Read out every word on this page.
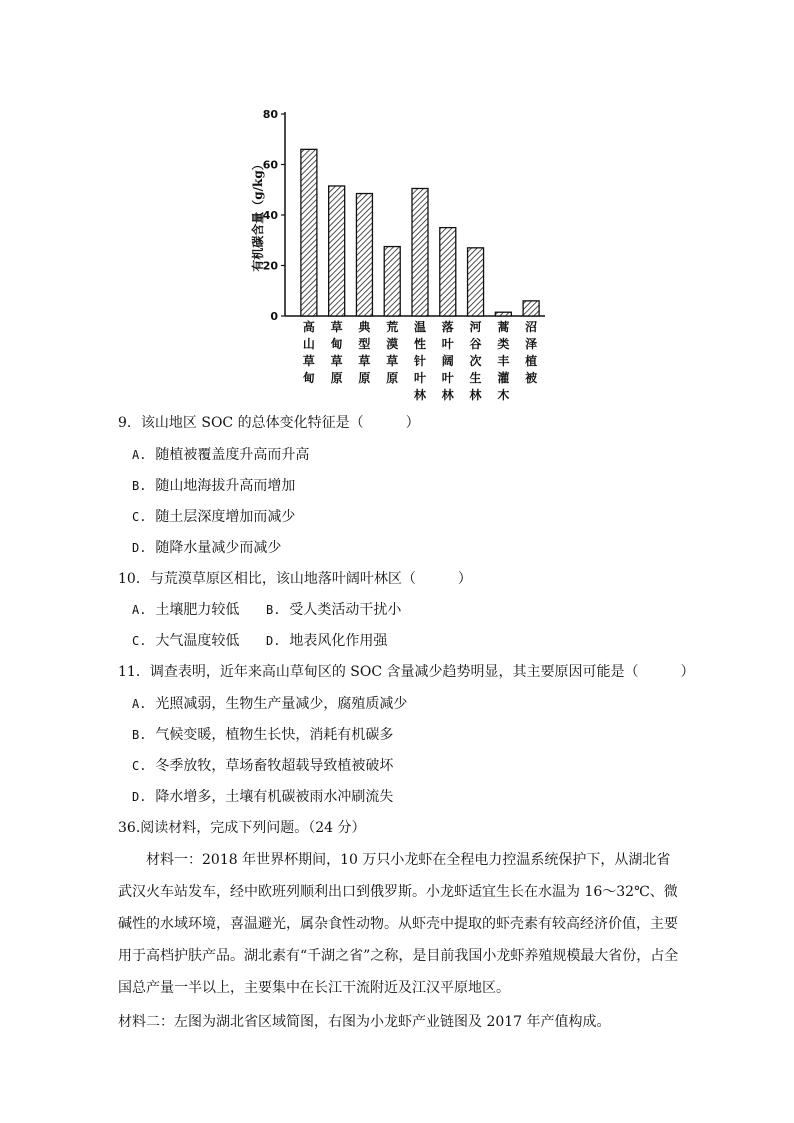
有机碳含量（g/kg）
0
20
40
60
80
高山草甸
草甸草原
典型草原
荒漠草原
温性针叶林
落叶阔叶林
河谷次生林
蒿类丰灌木
沼泽植被
9．该山地区 SOC 的总体变化特征是（　　　）
A. 随植被覆盖度升高而升高
B. 随山地海拔升高而增加
C. 随土层深度增加而减少
D. 随降水量减少而减少
10．与荒漠草原区相比，该山地落叶阔叶林区（　　　）
A. 土壤肥力较低 B. 受人类活动干扰小
C. 大气温度较低 D. 地表风化作用强
11．调查表明，近年来高山草甸区的 SOC 含量减少趋势明显，其主要原因可能是（　　　）
A. 光照减弱，生物生产量减少，腐殖质减少
B. 气候变暖，植物生长快，消耗有机碳多
C. 冬季放牧，草场畜牧超载导致植被破坏
D. 降水增多，土壤有机碳被雨水冲刷流失
36.阅读材料，完成下列问题。（24 分）
材料一：2018 年世界杯期间，10 万只小龙虾在全程电力控温系统保护下，从湖北省武汉火车站发车，经中欧班列顺利出口到俄罗斯。小龙虾适宜生长在水温为 16～32℃、微碱性的水域环境，喜温避光，属杂食性动物。从虾壳中提取的虾壳素有较高经济价值，主要用于高档护肤产品。湖北素有“千湖之省”之称，是目前我国小龙虾养殖规模最大省份，占全国总产量一半以上，主要集中在长江干流附近及江汉平原地区。
材料二：左图为湖北省区域简图，右图为小龙虾产业链图及 2017 年产值构成。
